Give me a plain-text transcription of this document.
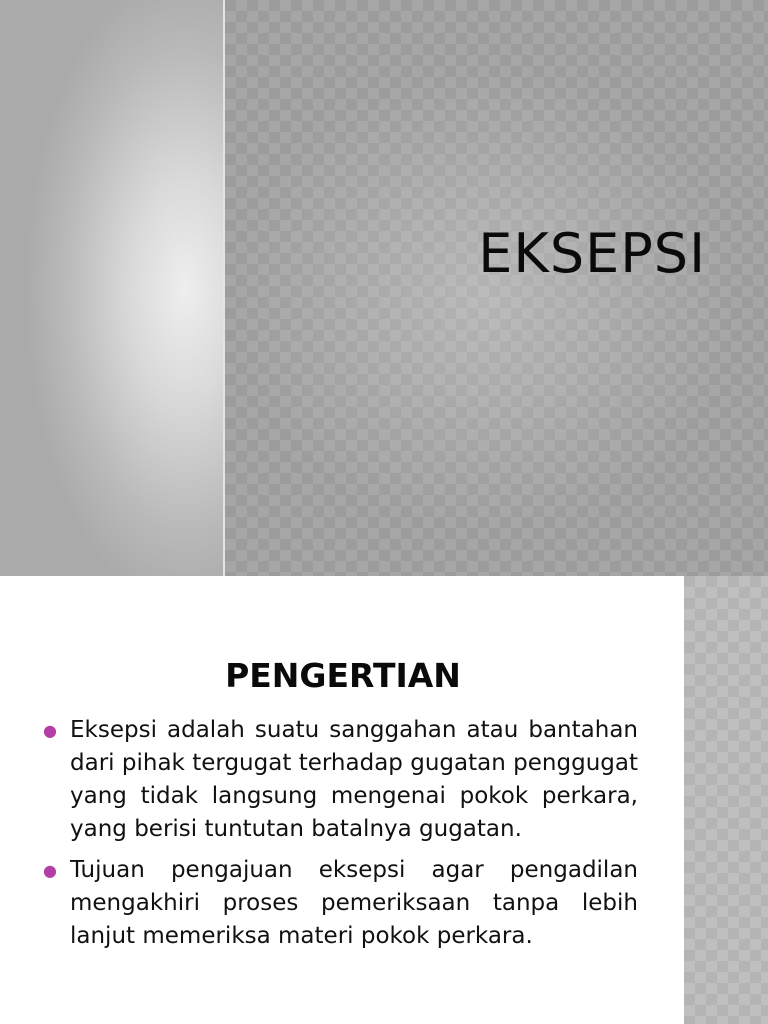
EKSEPSI
PENGERTIAN
● Eksepsi adalah suatu sanggahan atau bantahan dari pihak tergugat terhadap gugatan penggugat yang tidak langsung mengenai pokok perkara, yang berisi tuntutan batalnya gugatan.
● Tujuan pengajuan eksepsi agar pengadilan mengakhiri proses pemeriksaan tanpa lebih lanjut memeriksa materi pokok perkara.
